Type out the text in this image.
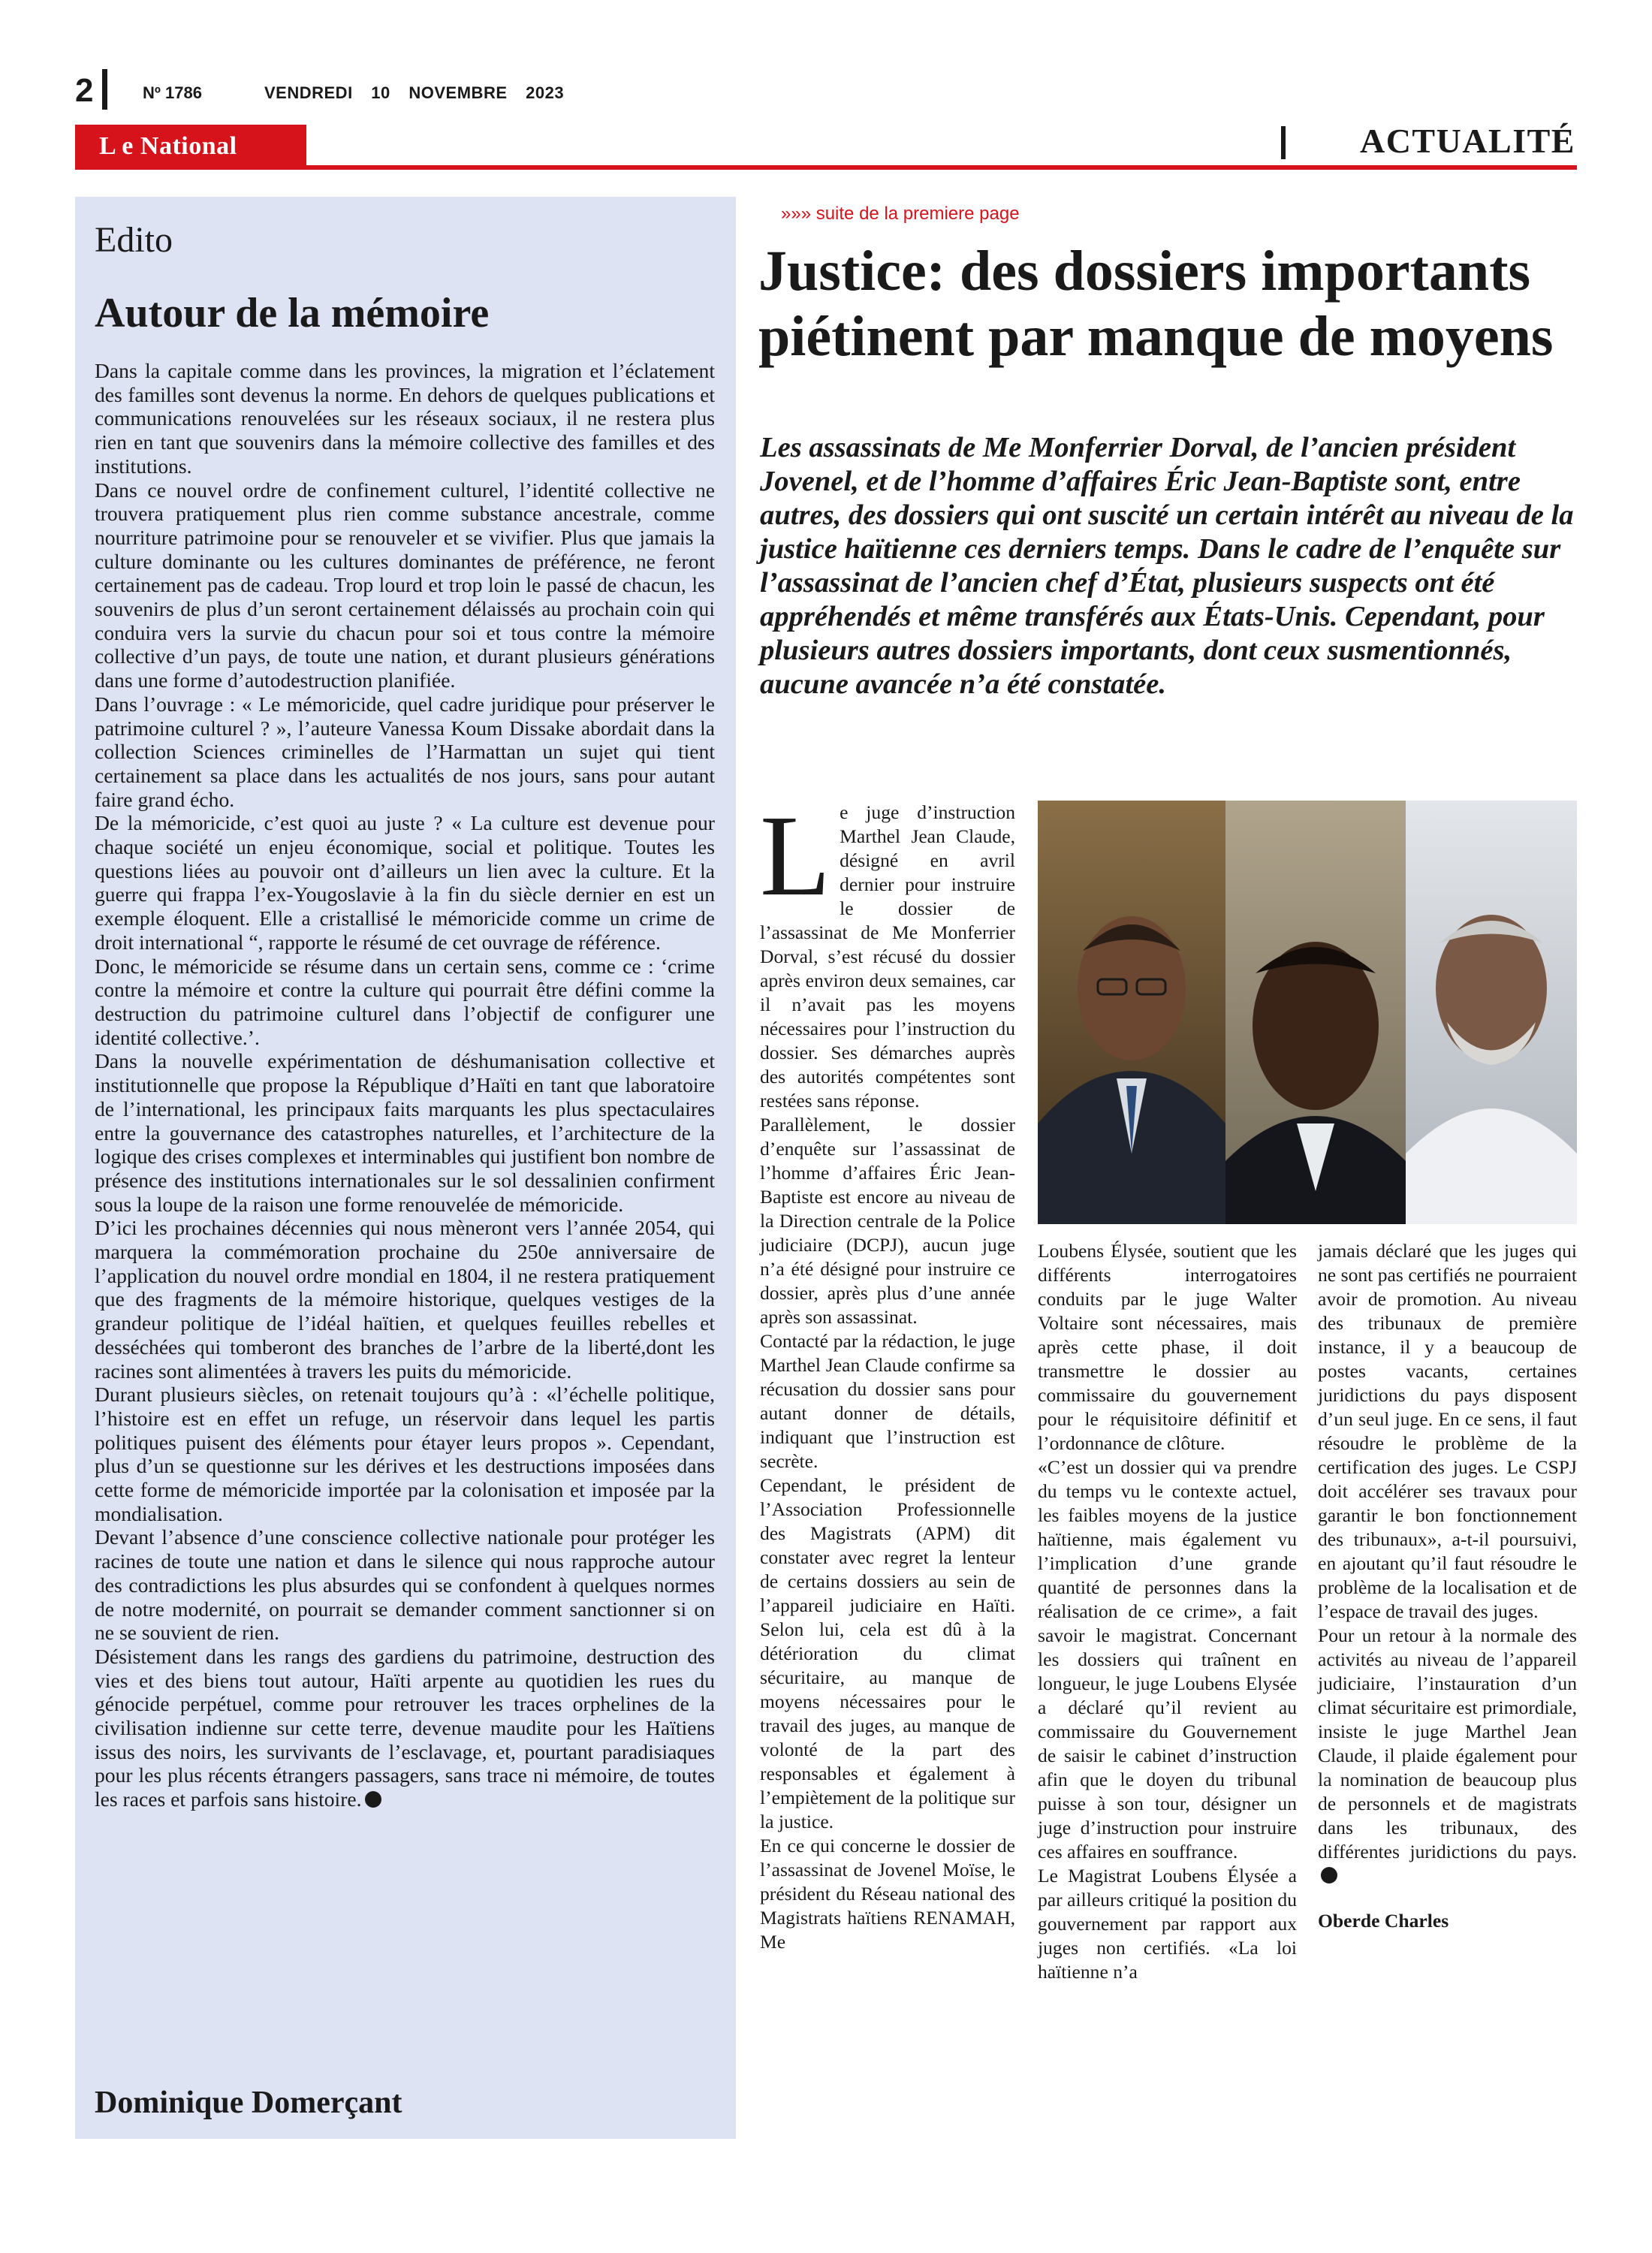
2	Nº 1786	VENDREDI 10 NOVEMBRE 2023
L e National	ACTUALITÉ
Edito
Autour de la mémoire

Dans la capitale comme dans les provinces, la migration et l’éclatement des familles sont devenus la norme. En dehors de quelques publications et communications renouvelées sur les réseaux sociaux, il ne restera plus rien en tant que souvenirs dans la mémoire collective des familles et des institutions.

Dans ce nouvel ordre de confinement culturel, l’identité collective ne trouvera pratiquement plus rien comme substance ancestrale, comme nourriture patrimoine pour se renouveler et se vivifier. Plus que jamais la culture dominante ou les cultures dominantes de préférence, ne feront certainement pas de cadeau. Trop lourd et trop loin le passé de chacun, les souvenirs de plus d’un seront certainement délaissés au prochain coin qui conduira vers la survie du chacun pour soi et tous contre la mémoire collective d’un pays, de toute une nation, et durant plusieurs générations dans une forme d’autodestruction planifiée.

Dans l’ouvrage : « Le mémoricide, quel cadre juridique pour préserver le patrimoine culturel ? », l’auteure Vanessa Koum Dissake abordait dans la collection Sciences criminelles de l’Harmattan un sujet qui tient certainement sa place dans les actualités de nos jours, sans pour autant faire grand écho.

De la mémoricide, c’est quoi au juste ? « La culture est devenue pour chaque société un enjeu économique, social et politique. Toutes les questions liées au pouvoir ont d’ailleurs un lien avec la culture. Et la guerre qui frappa l’ex-Yougoslavie à la fin du siècle dernier en est un exemple éloquent. Elle a cristallisé le mémoricide comme un crime de droit international “, rapporte le résumé de cet ouvrage de référence.

Donc, le mémoricide se résume dans un certain sens, comme ce : ‘crime contre la mémoire et contre la culture qui pourrait être défini comme la destruction du patrimoine culturel dans l’objectif de configurer une identité collective.’.

Dans la nouvelle expérimentation de déshumanisation collective et institutionnelle que propose la République d’Haïti en tant que laboratoire de l’international, les principaux faits marquants les plus spectaculaires entre la gouvernance des catastrophes naturelles, et l’architecture de la logique des crises complexes et interminables qui justifient bon nombre de présence des institutions internationales sur le sol dessalinien confirment sous la loupe de la raison une forme renouvelée de mémoricide.

D’ici les prochaines décennies qui nous mèneront vers l’année 2054, qui marquera la commémoration prochaine du 250e anniversaire de l’application du nouvel ordre mondial en 1804, il ne restera pratiquement que des fragments de la mémoire historique, quelques vestiges de la grandeur politique de l’idéal haïtien, et quelques feuilles rebelles et desséchées qui tomberont des branches de l’arbre de la liberté,dont les racines sont alimentées à travers les puits du mémoricide.

Durant plusieurs siècles, on retenait toujours qu’à : «l’échelle politique, l’histoire est en effet un refuge, un réservoir dans lequel les partis politiques puisent des éléments pour étayer leurs propos ». Cependant, plus d’un se questionne sur les dérives et les destructions imposées dans cette forme de mémoricide importée par la colonisation et imposée par la mondialisation.

Devant l’absence d’une conscience collective nationale pour protéger les racines de toute une nation et dans le silence qui nous rapproche autour des contradictions les plus absurdes qui se confondent à quelques normes de notre modernité, on pourrait se demander comment sanctionner si on ne se souvient de rien.

Désistement dans les rangs des gardiens du patrimoine, destruction des vies et des biens tout autour, Haïti arpente au quotidien les rues du génocide perpétuel, comme pour retrouver les traces orphelines de la civilisation indienne sur cette terre, devenue maudite pour les Haïtiens issus des noirs, les survivants de l’esclavage, et, pourtant paradisiaques pour les plus récents étrangers passagers, sans trace ni mémoire, de toutes les races et parfois sans histoire.

Dominique Domerçant
»»» suite de la premiere page
Justice: des dossiers importants piétinent par manque de moyens

Les assassinats de Me Monferrier Dorval, de l’ancien président Jovenel, et de l’homme d’affaires Éric Jean-Baptiste sont, entre autres, des dossiers qui ont suscité un certain intérêt au niveau de la justice haïtienne ces derniers temps. Dans le cadre de l’enquête sur l’assassinat de l’ancien chef d’État, plusieurs suspects ont été appréhendés et même transférés aux États-Unis. Cependant, pour plusieurs autres dossiers importants, dont ceux susmentionnés, aucune avancée n’a été constatée.

L e juge d’instruction Marthel Jean Claude, désigné en avril dernier pour instruire le dossier de l’assassinat de Me Monferrier Dorval, s’est récusé du dossier après environ deux semaines, car il n’avait pas les moyens nécessaires pour l’instruction du dossier. Ses démarches auprès des autorités compétentes sont restées sans réponse.

Parallèlement, le dossier d’enquête sur l’assassinat de l’homme d’affaires Éric Jean-Baptiste est encore au niveau de la Direction centrale de la Police judiciaire (DCPJ), aucun juge n’a été désigné pour instruire ce dossier, après plus d’une année après son assassinat.

Contacté par la rédaction, le juge Marthel Jean Claude confirme sa récusation du dossier sans pour autant donner de détails, indiquant que l’instruction est secrète.

Cependant, le président de l’Association Professionnelle des Magistrats (APM) dit constater avec regret la lenteur de certains dossiers au sein de l’appareil judiciaire en Haïti. Selon lui, cela est dû à la détérioration du climat sécuritaire, au manque de moyens nécessaires pour le travail des juges, au manque de volonté de la part des responsables et également à l’empiètement de la politique sur la justice.

En ce qui concerne le dossier de l’assassinat de Jovenel Moïse, le président du Réseau national des Magistrats haïtiens RENAMAH, Me

Loubens Élysée, soutient que les différents interrogatoires conduits par le juge Walter Voltaire sont nécessaires, mais après cette phase, il doit transmettre le dossier au commissaire du gouvernement pour le réquisitoire définitif et l’ordonnance de clôture.

«C’est un dossier qui va prendre du temps vu le contexte actuel, les faibles moyens de la justice haïtienne, mais également vu l’implication d’une grande quantité de personnes dans la réalisation de ce crime», a fait savoir le magistrat. Concernant les dossiers qui traînent en longueur, le juge Loubens Elysée a déclaré qu’il revient au commissaire du Gouvernement de saisir le cabinet d’instruction afin que le doyen du tribunal puisse à son tour, désigner un juge d’instruction pour instruire ces affaires en souffrance.

Le Magistrat Loubens Élysée a par ailleurs critiqué la position du gouvernement par rapport aux juges non certifiés. «La loi haïtienne n’a

jamais déclaré que les juges qui ne sont pas certifiés ne pourraient avoir de promotion. Au niveau des tribunaux de première instance, il y a beaucoup de postes vacants, certaines juridictions du pays disposent d’un seul juge. En ce sens, il faut résoudre le problème de la certification des juges. Le CSPJ doit accélérer ses travaux pour garantir le bon fonctionnement des tribunaux», a-t-il poursuivi, en ajoutant qu’il faut résoudre le problème de la localisation et de l’espace de travail des juges.

Pour un retour à la normale des activités au niveau de l’appareil judiciaire, l’instauration d’un climat sécuritaire est primordiale, insiste le juge Marthel Jean Claude, il plaide également pour la nomination de beaucoup plus de personnels et de magistrats dans les tribunaux, des différentes juridictions du pays.

Oberde Charles
